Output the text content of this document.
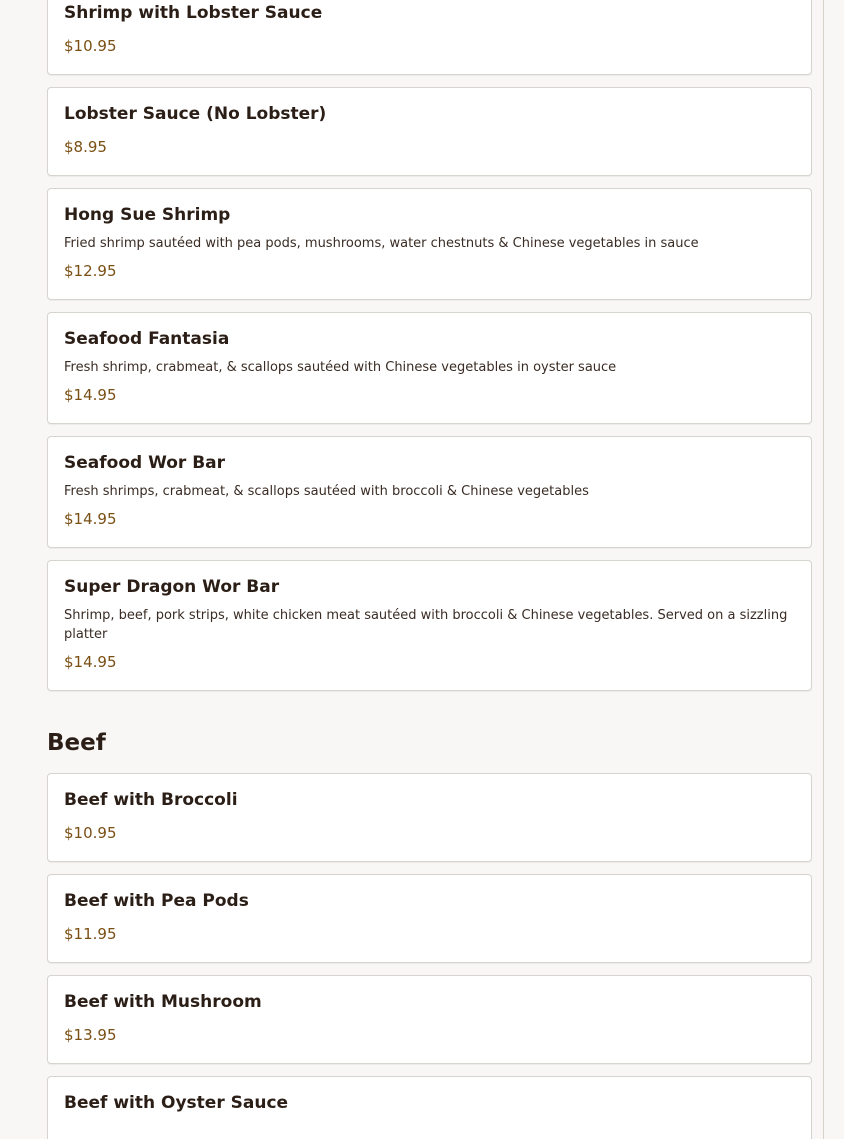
Shrimp with Lobster Sauce
$10.95
Lobster Sauce (No Lobster)
$8.95
Hong Sue Shrimp
Fried shrimp sautéed with pea pods, mushrooms, water chestnuts & Chinese vegetables in sauce
$12.95
Seafood Fantasia
Fresh shrimp, crabmeat, & scallops sautéed with Chinese vegetables in oyster sauce
$14.95
Seafood Wor Bar
Fresh shrimps, crabmeat, & scallops sautéed with broccoli & Chinese vegetables
$14.95
Super Dragon Wor Bar
Shrimp, beef, pork strips, white chicken meat sautéed with broccoli & Chinese vegetables. Served on a sizzling platter
$14.95
Beef
Beef with Broccoli
$10.95
Beef with Pea Pods
$11.95
Beef with Mushroom
$13.95
Beef with Oyster Sauce
